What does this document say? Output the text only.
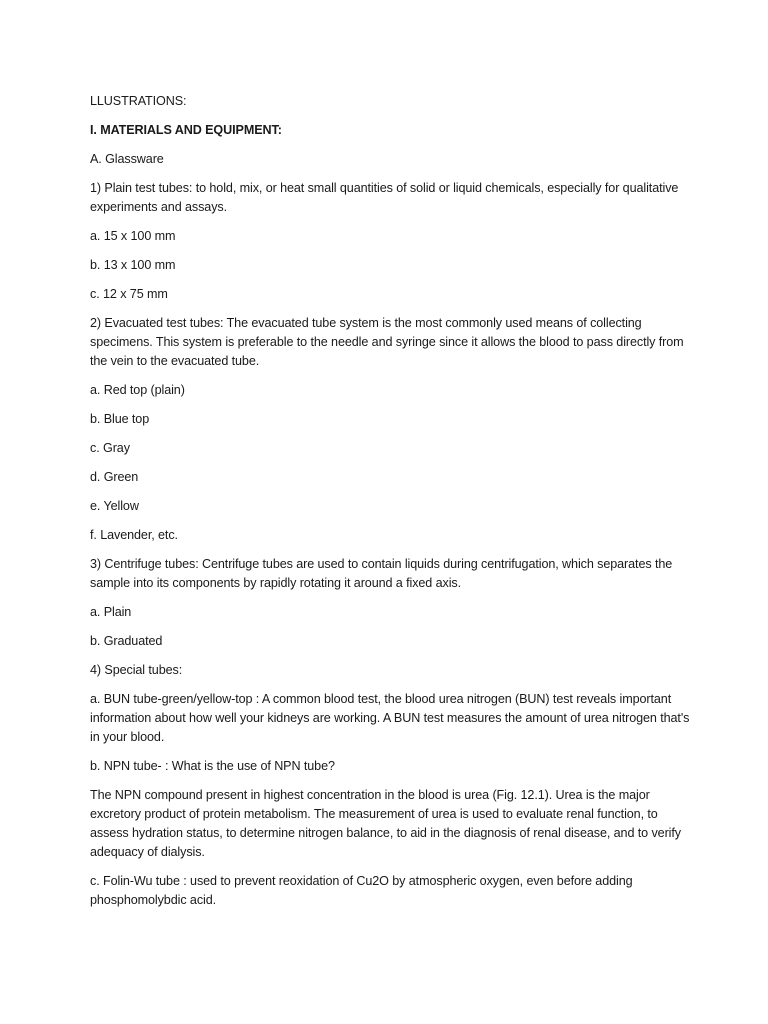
LLUSTRATIONS:

I. MATERIALS AND EQUIPMENT:

A. Glassware

1) Plain test tubes: to hold, mix, or heat small quantities of solid or liquid chemicals, especially for qualitative experiments and assays.

a. 15 x 100 mm

b. 13 x 100 mm

c. 12 x 75 mm

2) Evacuated test tubes: The evacuated tube system is the most commonly used means of collecting specimens. This system is preferable to the needle and syringe since it allows the blood to pass directly from the vein to the evacuated tube.

a. Red top (plain)

b. Blue top

c. Gray

d. Green

e. Yellow

f. Lavender, etc.

3) Centrifuge tubes: Centrifuge tubes are used to contain liquids during centrifugation, which separates the sample into its components by rapidly rotating it around a fixed axis.

a. Plain

b. Graduated

4) Special tubes:

a. BUN tube-green/yellow-top : A common blood test, the blood urea nitrogen (BUN) test reveals important information about how well your kidneys are working. A BUN test measures the amount of urea nitrogen that's in your blood.

b. NPN tube- : What is the use of NPN tube?

The NPN compound present in highest concentration in the blood is urea (Fig. 12.1). Urea is the major excretory product of protein metabolism. The measurement of urea is used to evaluate renal function, to assess hydration status, to determine nitrogen balance, to aid in the diagnosis of renal disease, and to verify adequacy of dialysis.

c. Folin-Wu tube : used to prevent reoxidation of Cu2O by atmospheric oxygen, even before adding phosphomolybdic acid.
